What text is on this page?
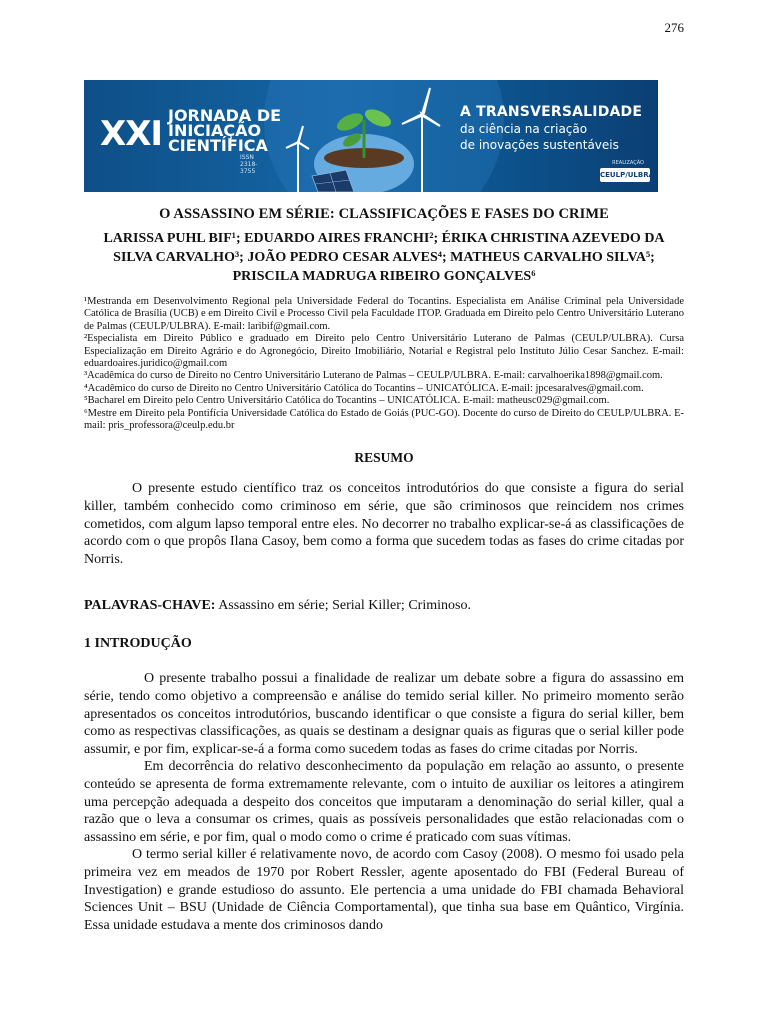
276
XXI JORNADA DE INICIAÇÃO CIENTÍFICA
ISSN 2318-3755
A TRANSVERSALIDADE
da ciência na criação
de inovações sustentáveis
REALIZAÇÃO
CEULP/ULBRA
O ASSASSINO EM SÉRIE: CLASSIFICAÇÕES E FASES DO CRIME
LARISSA PUHL BIF¹; EDUARDO AIRES FRANCHI²; ÉRIKA CHRISTINA AZEVEDO DA SILVA CARVALHO³; JOÃO PEDRO CESAR ALVES⁴; MATHEUS CARVALHO SILVA⁵; PRISCILA MADRUGA RIBEIRO GONÇALVES⁶

¹Mestranda em Desenvolvimento Regional pela Universidade Federal do Tocantins. Especialista em Análise Criminal pela Universidade Católica de Brasília (UCB) e em Direito Civil e Processo Civil pela Faculdade ITOP. Graduada em Direito pelo Centro Universitário Luterano de Palmas (CEULP/ULBRA). E-mail: laribif@gmail.com.

²Especialista em Direito Público e graduado em Direito pelo Centro Universitário Luterano de Palmas (CEULP/ULBRA). Cursa Especialização em Direito Agrário e do Agronegócio, Direito Imobiliário, Notarial e Registral pelo Instituto Júlio Cesar Sanchez. E-mail: eduardoaires.juridico@gmail.com

³Acadêmica do curso de Direito no Centro Universitário Luterano de Palmas – CEULP/ULBRA. E-mail: carvalhoerika1898@gmail.com.

⁴Acadêmico do curso de Direito no Centro Universitário Católica do Tocantins – UNICATÓLICA. E-mail: jpcesaralves@gmail.com.

⁵Bacharel em Direito pelo Centro Universitário Católica do Tocantins – UNICATÓLICA. E-mail: matheusc029@gmail.com.

⁶Mestre em Direito pela Pontifícia Universidade Católica do Estado de Goiás (PUC-GO). Docente do curso de Direito do CEULP/ULBRA. E-mail: pris_professora@ceulp.edu.br

RESUMO

O presente estudo científico traz os conceitos introdutórios do que consiste a figura do serial killer, também conhecido como criminoso em série, que são criminosos que reincidem nos crimes cometidos, com algum lapso temporal entre eles. No decorrer no trabalho explicar-se-á as classificações de acordo com o que propôs Ilana Casoy, bem como a forma que sucedem todas as fases do crime citadas por Norris.

PALAVRAS-CHAVE: Assassino em série; Serial Killer; Criminoso.

1 INTRODUÇÃO

O presente trabalho possui a finalidade de realizar um debate sobre a figura do assassino em série, tendo como objetivo a compreensão e análise do temido serial killer. No primeiro momento serão apresentados os conceitos introdutórios, buscando identificar o que consiste a figura do serial killer, bem como as respectivas classificações, as quais se destinam a designar quais as figuras que o serial killer pode assumir, e por fim, explicar-se-á a forma como sucedem todas as fases do crime citadas por Norris.

Em decorrência do relativo desconhecimento da população em relação ao assunto, o presente conteúdo se apresenta de forma extremamente relevante, com o intuito de auxiliar os leitores a atingirem uma percepção adequada a despeito dos conceitos que imputaram a denominação do serial killer, qual a razão que o leva a consumar os crimes, quais as possíveis personalidades que estão relacionadas com o assassino em série, e por fim, qual o modo como o crime é praticado com suas vítimas.

O termo serial killer é relativamente novo, de acordo com Casoy (2008). O mesmo foi usado pela primeira vez em meados de 1970 por Robert Ressler, agente aposentado do FBI (Federal Bureau of Investigation) e grande estudioso do assunto. Ele pertencia a uma unidade do FBI chamada Behavioral Sciences Unit – BSU (Unidade de Ciência Comportamental), que tinha sua base em Quântico, Virgínia. Essa unidade estudava a mente dos criminosos dando
